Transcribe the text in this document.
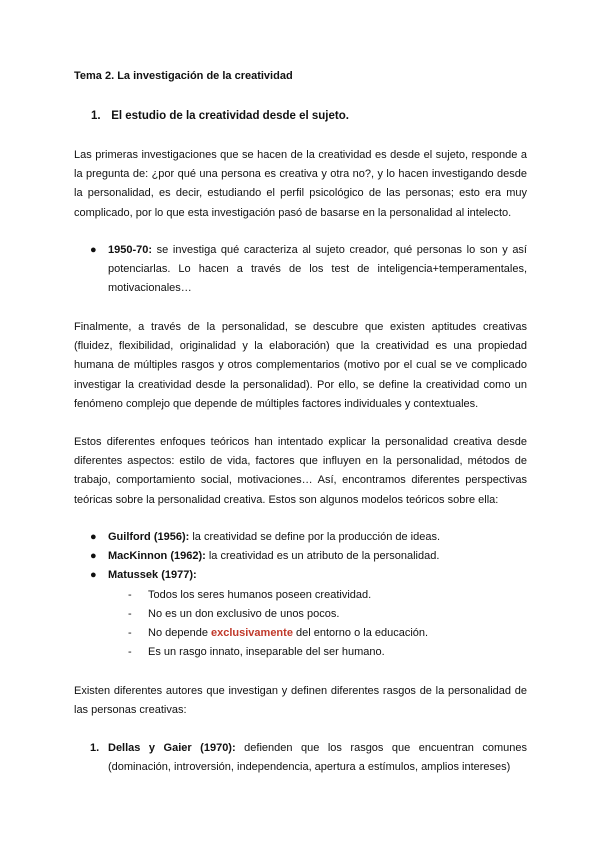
Tema 2. La investigación de la creatividad
1. El estudio de la creatividad desde el sujeto.
Las primeras investigaciones que se hacen de la creatividad es desde el sujeto, responde a la pregunta de: ¿por qué una persona es creativa y otra no?, y lo hacen investigando desde la personalidad, es decir, estudiando el perfil psicológico de las personas; esto era muy complicado, por lo que esta investigación pasó de basarse en la personalidad al intelecto.
● 1950-70: se investiga qué caracteriza al sujeto creador, qué personas lo son y así potenciarlas. Lo hacen a través de los test de inteligencia+temperamentales, motivacionales…
Finalmente, a través de la personalidad, se descubre que existen aptitudes creativas (fluidez, flexibilidad, originalidad y la elaboración) que la creatividad es una propiedad humana de múltiples rasgos y otros complementarios (motivo por el cual se ve complicado investigar la creatividad desde la personalidad). Por ello, se define la creatividad como un fenómeno complejo que depende de múltiples factores individuales y contextuales.
Estos diferentes enfoques teóricos han intentado explicar la personalidad creativa desde diferentes aspectos: estilo de vida, factores que influyen en la personalidad, métodos de trabajo, comportamiento social, motivaciones… Así, encontramos diferentes perspectivas teóricas sobre la personalidad creativa. Estos son algunos modelos teóricos sobre ella:
● Guilford (1956): la creatividad se define por la producción de ideas.
● MacKinnon (1962): la creatividad es un atributo de la personalidad.
● Matussek (1977):
- Todos los seres humanos poseen creatividad.
- No es un don exclusivo de unos pocos.
- No depende exclusivamente del entorno o la educación.
- Es un rasgo innato, inseparable del ser humano.
Existen diferentes autores que investigan y definen diferentes rasgos de la personalidad de las personas creativas:
1. Dellas y Gaier (1970): defienden que los rasgos que encuentran comunes (dominación, introversión, independencia, apertura a estímulos, amplios intereses)
